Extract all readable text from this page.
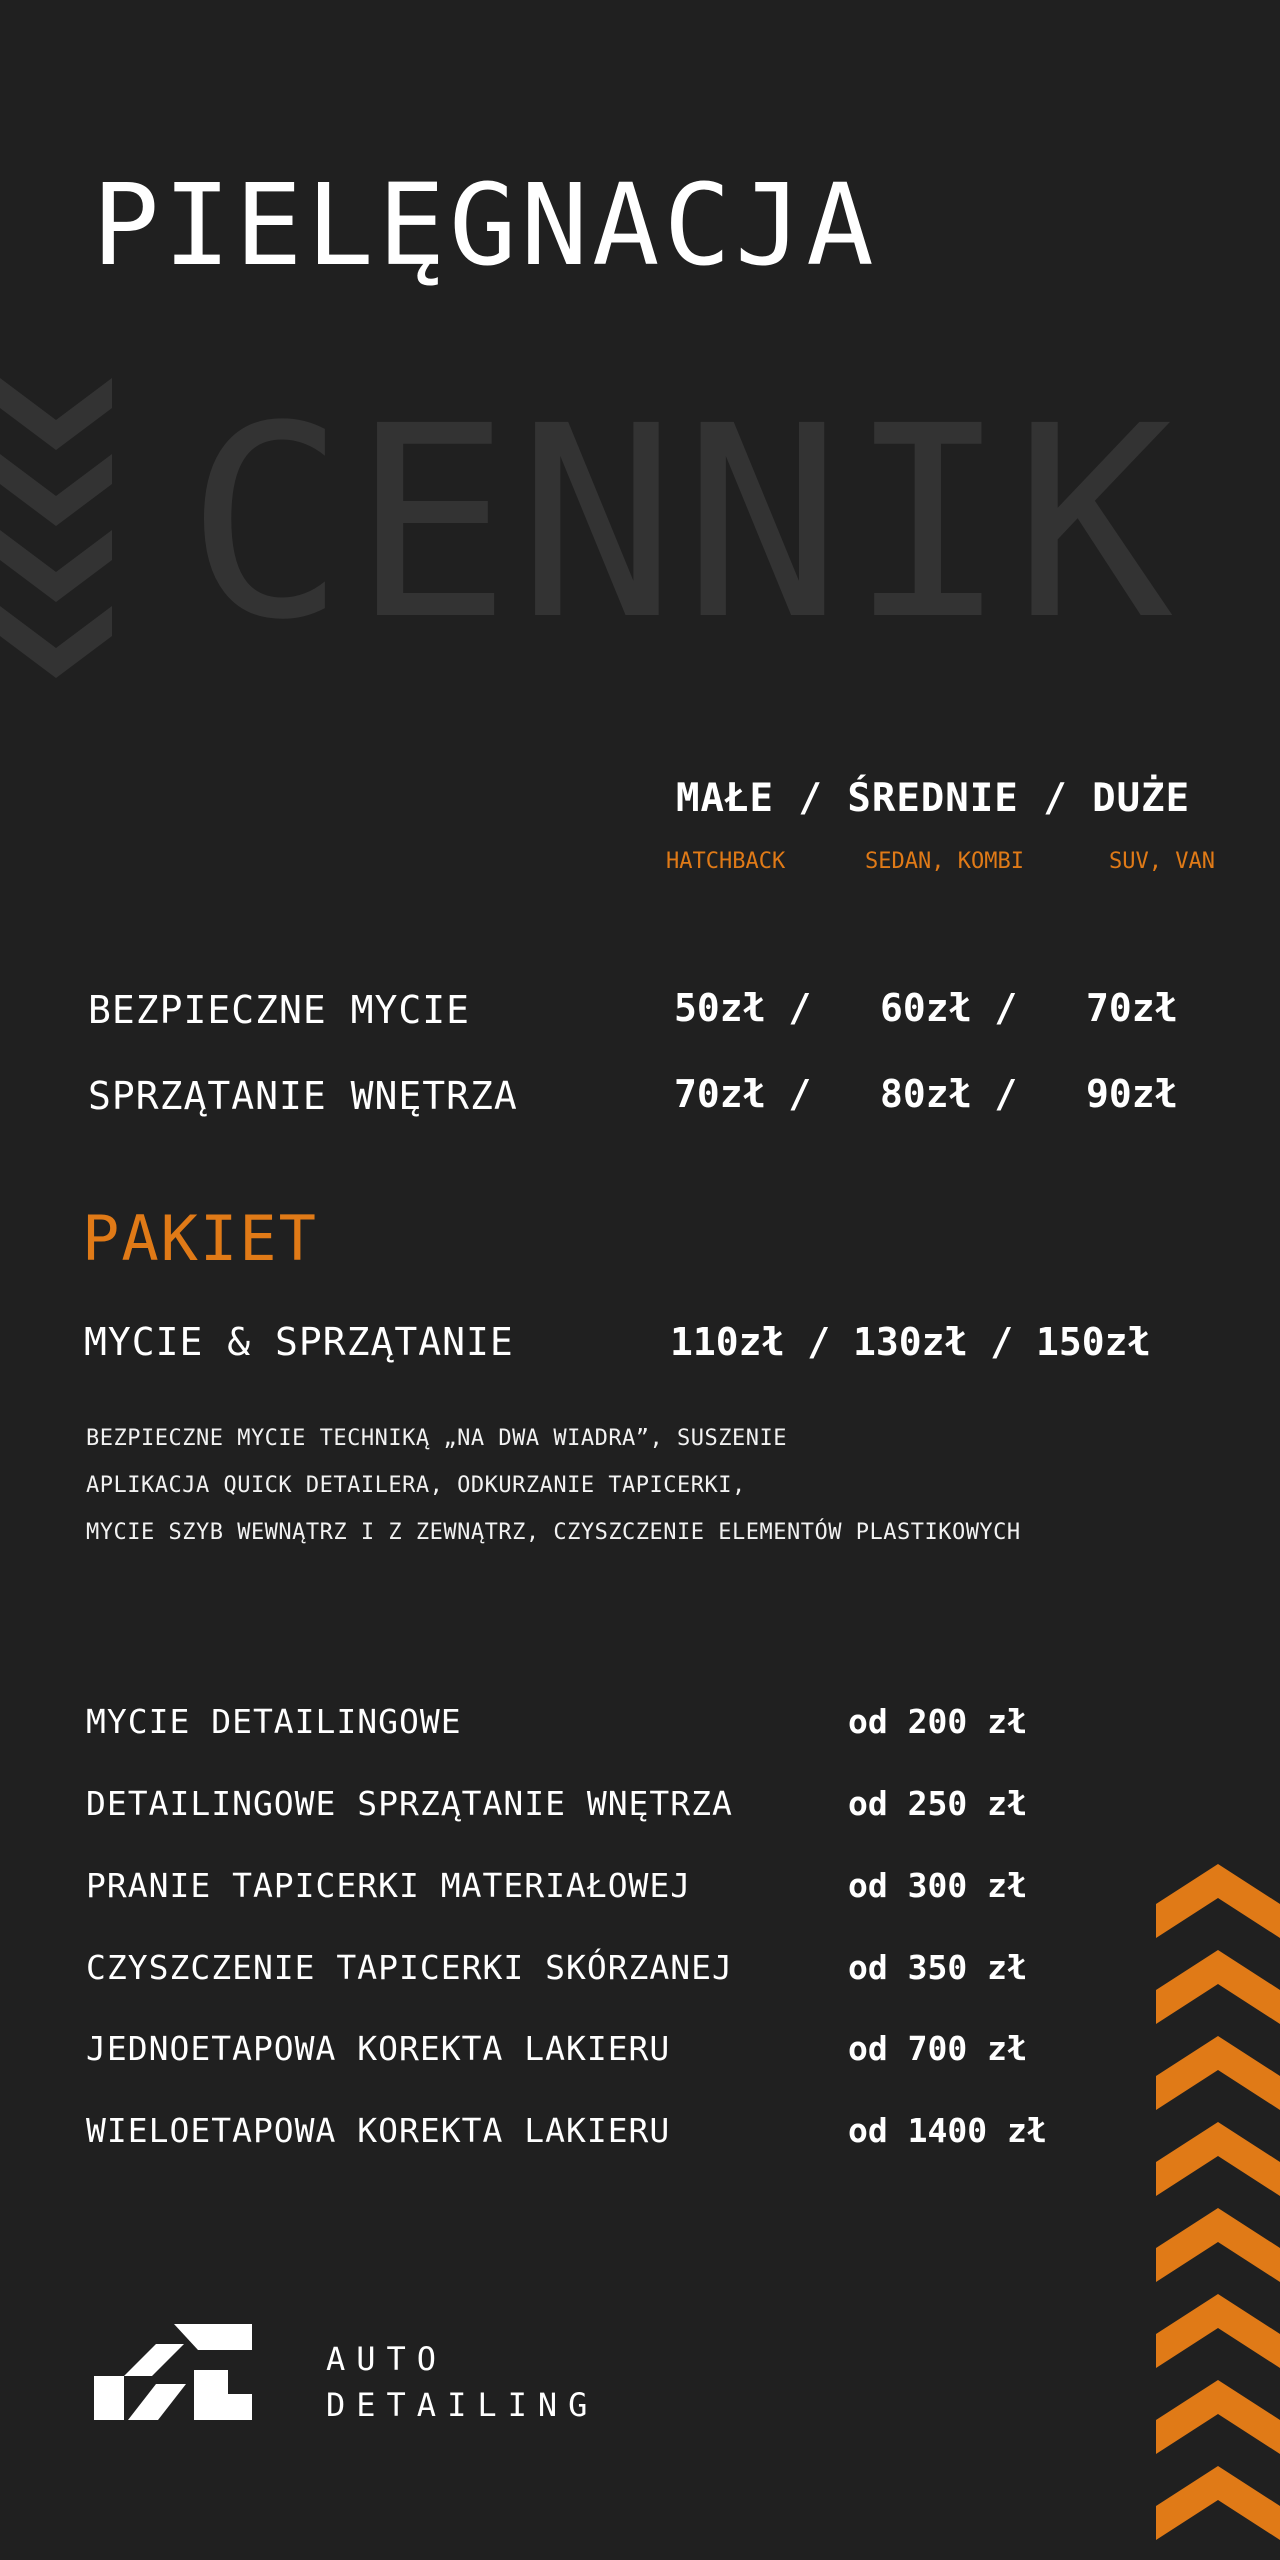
PIELĘGNACJA
CENNIK
MAŁE / ŚREDNIE / DUŻE
HATCHBACK	SEDAN, KOMBI	SUV, VAN
BEZPIECZNE MYCIE	50zł / 60zł / 70zł
SPRZĄTANIE WNĘTRZA	70zł / 80zł / 90zł
PAKIET
MYCIE & SPRZĄTANIE	110zł / 130zł / 150zł
BEZPIECZNE MYCIE TECHNIKĄ „NA DWA WIADRA”, SUSZENIE
APLIKACJA QUICK DETAILERA, ODKURZANIE TAPICERKI,
MYCIE SZYB WEWNĄTRZ I Z ZEWNĄTRZ, CZYSZCZENIE ELEMENTÓW PLASTIKOWYCH
MYCIE DETAILINGOWE	od 200 zł
DETAILINGOWE SPRZĄTANIE WNĘTRZA	od 250 zł
PRANIE TAPICERKI MATERIAŁOWEJ	od 300 zł
CZYSZCZENIE TAPICERKI SKÓRZANEJ	od 350 zł
JEDNOETAPOWA KOREKTA LAKIERU	od 700 zł
WIELOETAPOWA KOREKTA LAKIERU	od 1400 zł
AUTO
DETAILING
